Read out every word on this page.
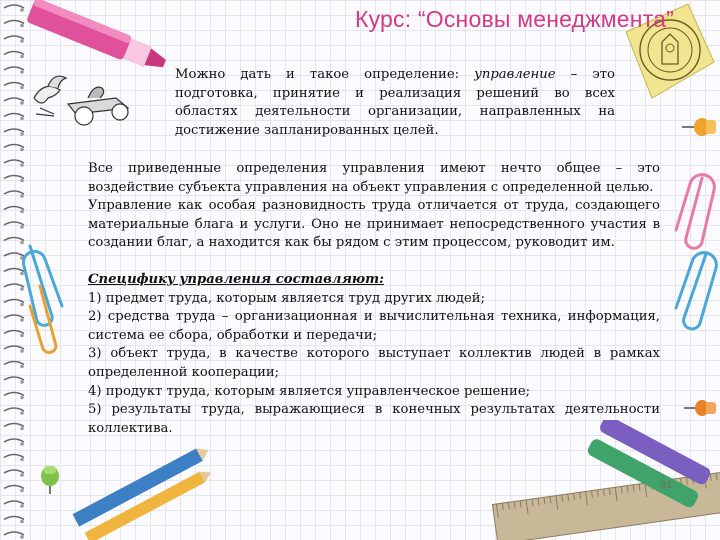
Курс: “Основы менеджмента”
Можно дать и такое определение: управление – это подготовка, принятие и реализация решений во всех областях деятельности организации, направленных на достижение запланированных целей.

Все приведенные определения управления имеют нечто общее – это воздействие субъекта управления на объект управления с определенной целью.

Управление как особая разновидность труда отличается от труда, создающего материальные блага и услуги. Оно не принимает непосредственного участия в создании благ, а находится как бы рядом с этим процессом, руководит им.

Специфику управления составляют:

1) предмет труда, которым является труд других людей;

2) средства труда – организационная и вычислительная техника, информация, система ее сбора, обработки и передачи;

3) объект труда, в качестве которого выступает коллектив людей в рамках определенной кооперации;

4) продукт труда, которым является управленческое решение;

5) результаты труда, выражающиеся в конечных результатах деятельности коллектива.

31
